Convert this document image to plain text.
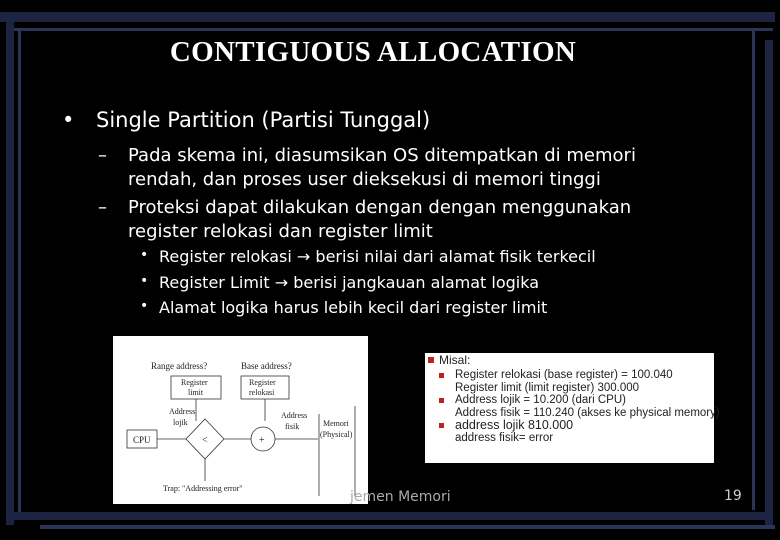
CONTIGUOUS ALLOCATION
• Single Partition (Partisi Tunggal)
– Pada skema ini, diasumsikan OS ditempatkan di memori
rendah, dan proses user dieksekusi di memori tinggi
– Proteksi dapat dilakukan dengan dengan menggunakan
register relokasi dan register limit
• Register relokasi → berisi nilai dari alamat fisik terkecil
• Register Limit → berisi jangkauan alamat logika
• Alamat logika harus lebih kecil dari register limit
Range address?	Base address?
Register
limit
Register
relokasi
Address
lojik
Address
fisik
CPU	<	+
Memori
(Physical)
Trap: "Addressing error"
Misal:
Register relokasi (base register) = 100.040
Register limit (limit register) 300.000
Address lojik = 10.200 (dari CPU)
Address fisik = 110.240 (akses ke physical memory)
address lojik 810.000
address fisik= error
jemen Memori	19
